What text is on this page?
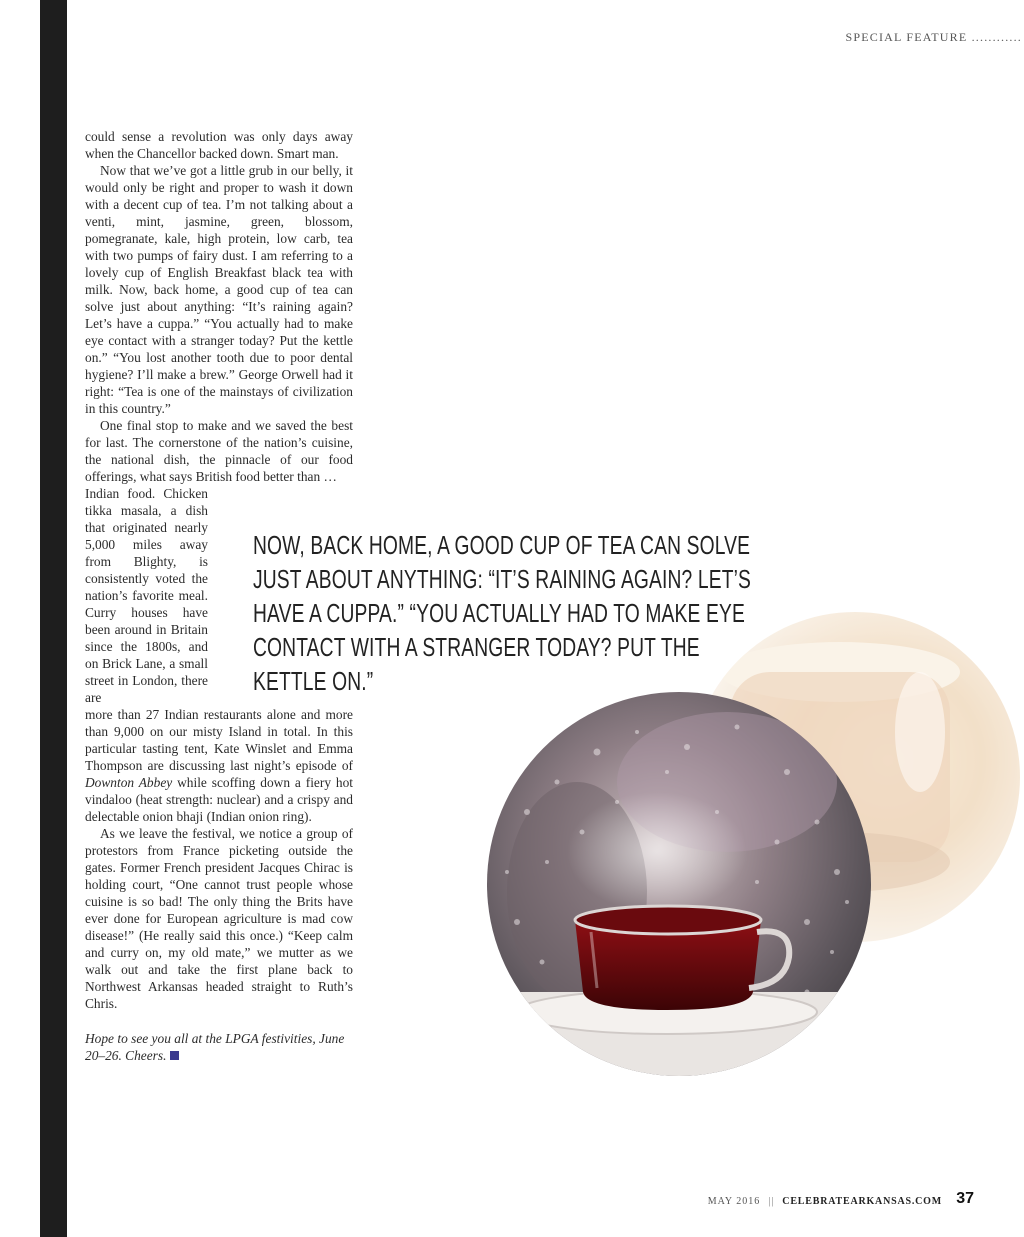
SPECIAL FEATURE ............

could sense a revolution was only days away when the Chancellor backed down. Smart man.

Now that we’ve got a little grub in our belly, it would only be right and proper to wash it down with a decent cup of tea. I’m not talking about a venti, mint, jasmine, green, blossom, pomegranate, kale, high protein, low carb, tea with two pumps of fairy dust. I am referring to a lovely cup of English Breakfast black tea with milk. Now, back home, a good cup of tea can solve just about anything: “It’s raining again? Let’s have a cuppa.” “You actually had to make eye contact with a stranger today? Put the kettle on.” “You lost another tooth due to poor dental hygiene? I’ll make a brew.” George Orwell had it right: “Tea is one of the mainstays of civilization in this country.”

One final stop to make and we saved the best for last. The cornerstone of the nation’s cuisine, the national dish, the pinnacle of our food offerings, what says British food better than …

Indian food. Chicken tikka masala, a dish that originated nearly 5,000 miles away from Blighty, is consistently voted the nation’s favorite meal. Curry houses have been around in Britain since the 1800s, and on Brick Lane, a small street in London, there are

more than 27 Indian restaurants alone and more than 9,000 on our misty Island in total. In this particular tasting tent, Kate Winslet and Emma Thompson are discussing last night’s episode of Downton Abbey while scoffing down a fiery hot vindaloo (heat strength: nuclear) and a crispy and delectable onion bhaji (Indian onion ring).

As we leave the festival, we notice a group of protestors from France picketing outside the gates. Former French president Jacques Chirac is holding court, “One cannot trust people whose cuisine is so bad! The only thing the Brits have ever done for European agriculture is mad cow disease!” (He really said this once.) “Keep calm and curry on, my old mate,” we mutter as we walk out and take the first plane back to Northwest Arkansas headed straight to Ruth’s Chris.

Hope to see you all at the LPGA festivities, June 20–26. Cheers.

NOW, BACK HOME, A GOOD CUP OF TEA CAN SOLVE JUST ABOUT ANYTHING: “IT’S RAINING AGAIN? LET’S HAVE A CUPPA.” “YOU ACTUALLY HAD TO MAKE EYE CONTACT WITH A STRANGER TODAY? PUT THE KETTLE ON.”
MAY 2016 || CELEBRATEARKANSAS.COM 37
